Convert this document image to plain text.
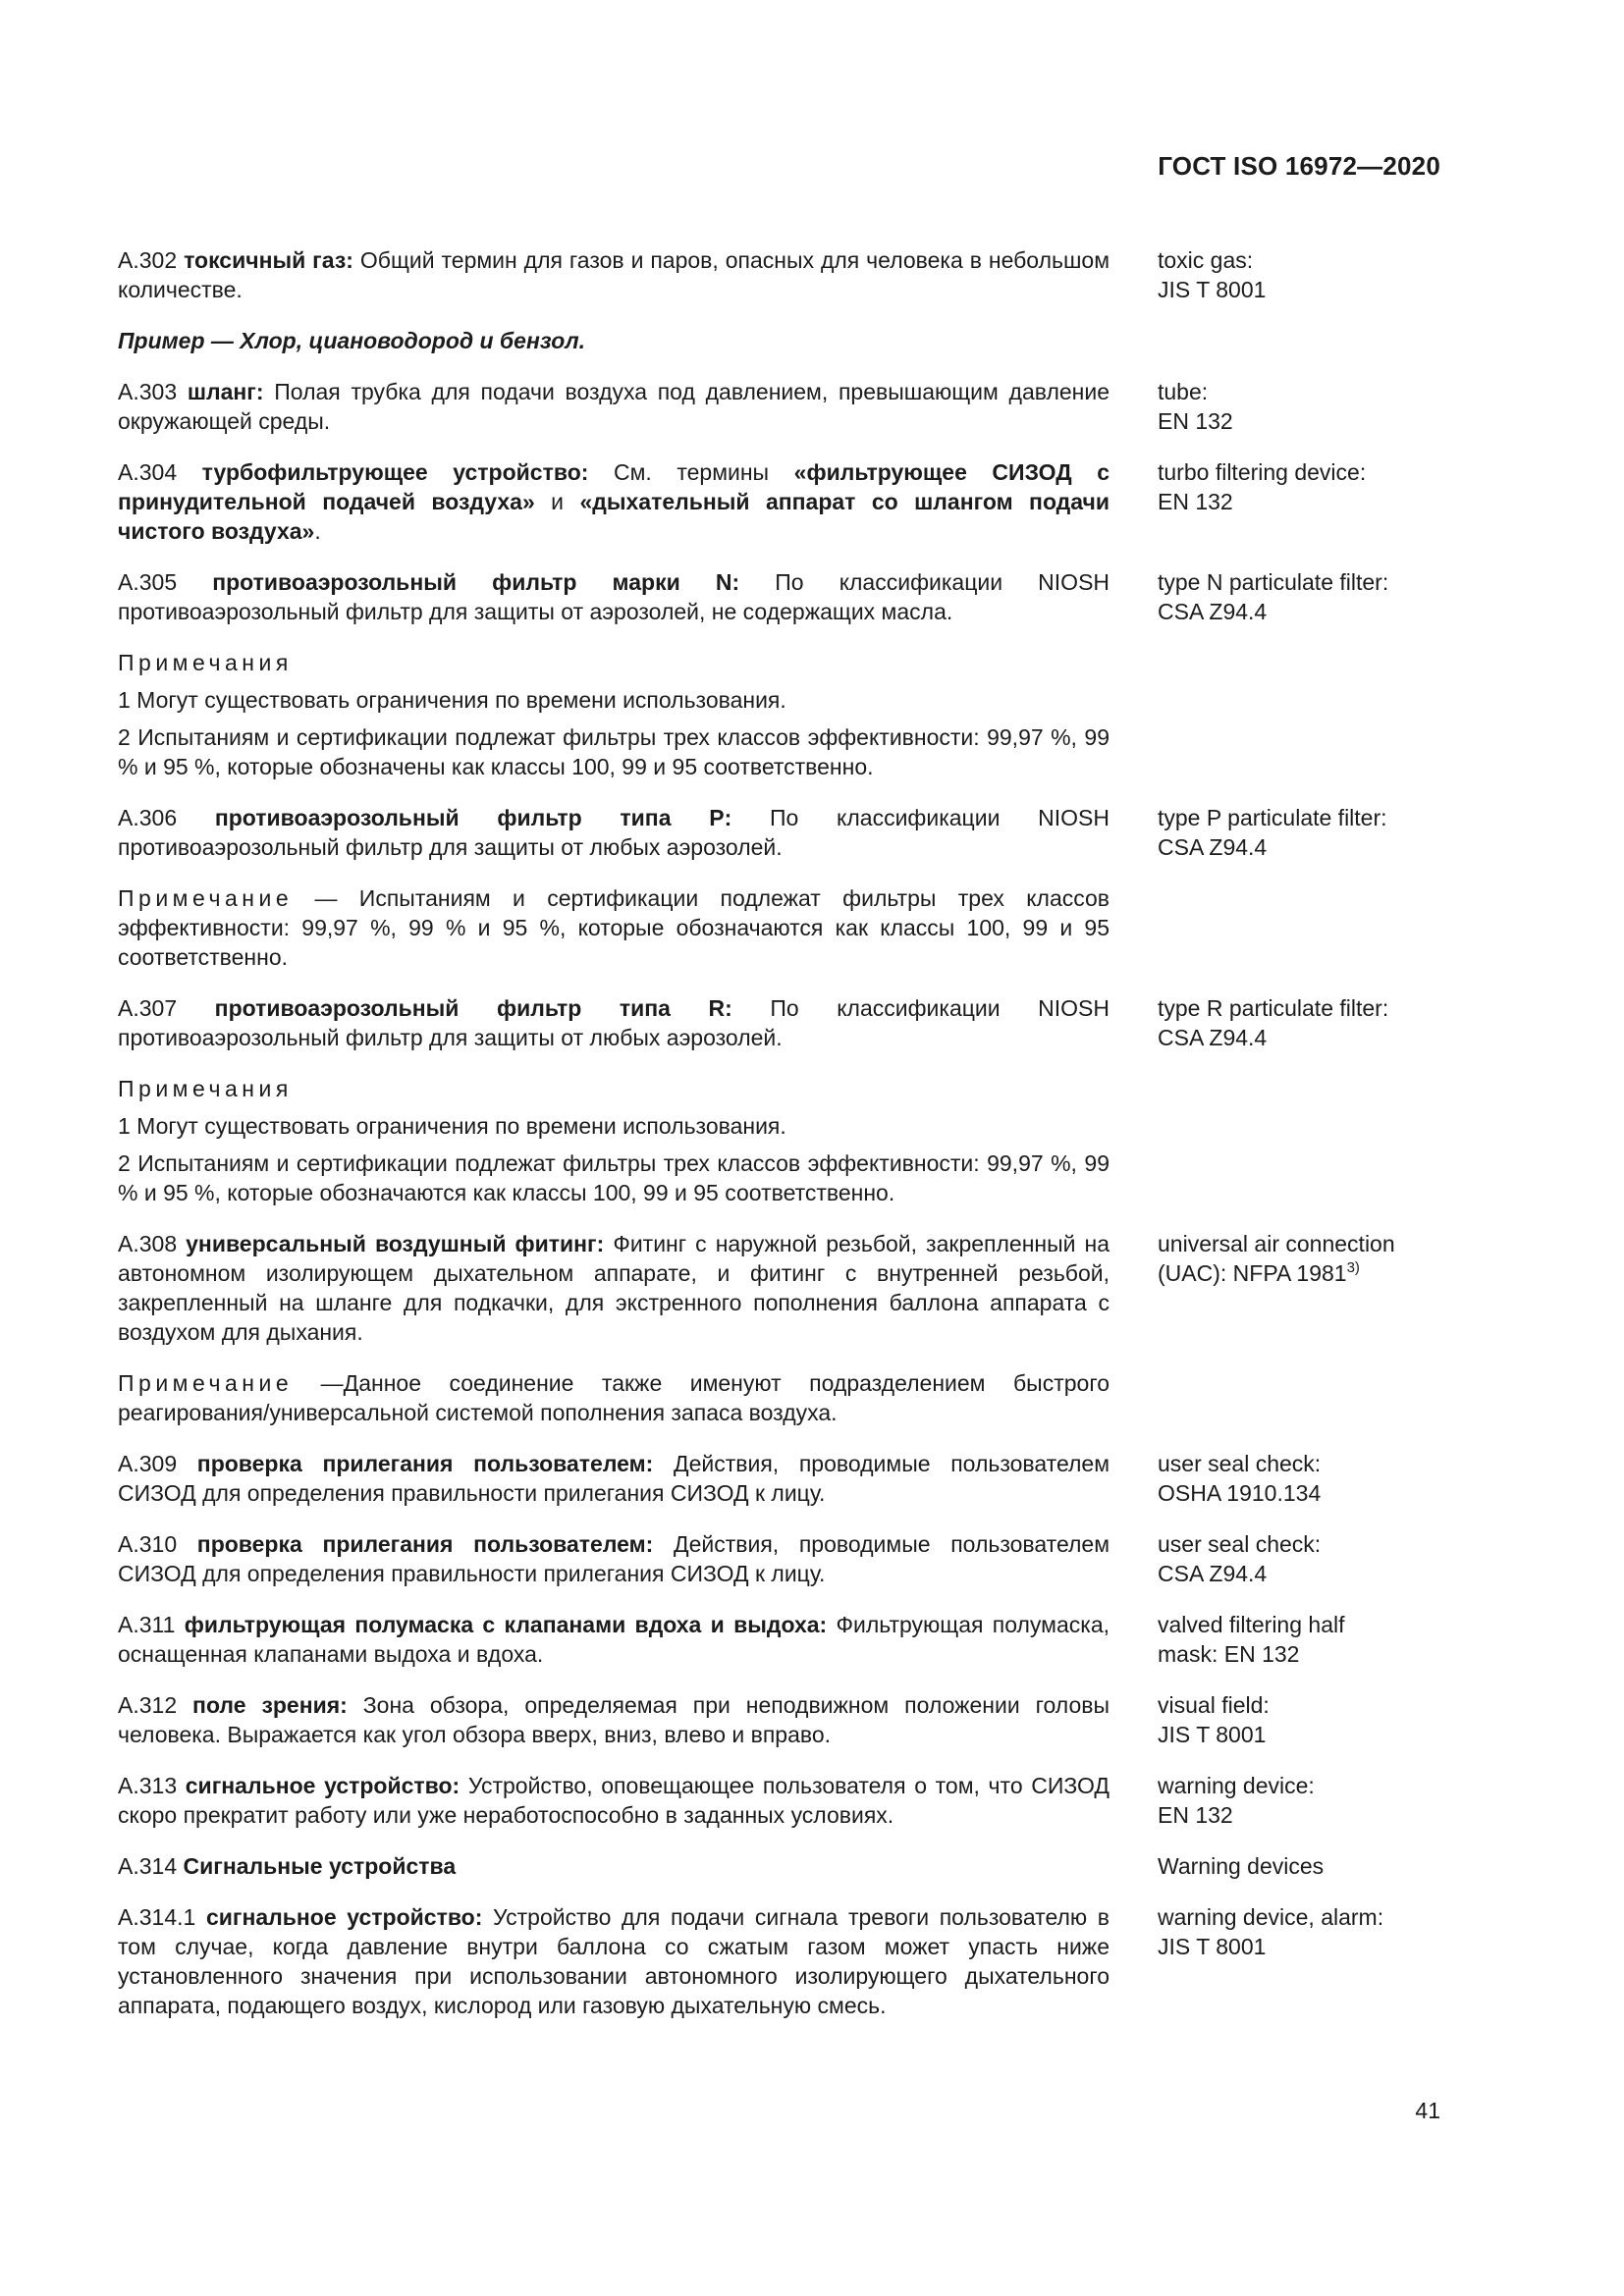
ГОСТ ISO 16972—2020
А.302 токсичный газ: Общий термин для газов и паров, опасных для человека в небольшом количестве.
toxic gas:
JIS T 8001
Пример — Хлор, циановодород и бензол.
А.303 шланг: Полая трубка для подачи воздуха под давлением, превышающим давление окружающей среды.
tube:
EN 132
А.304 турбофильтрующее устройство: См. термины «фильтрующее СИЗОД с принудительной подачей воздуха» и «дыхательный аппарат со шлангом подачи чистого воздуха».
turbo filtering device:
EN 132
А.305 противоаэрозольный фильтр марки N: По классификации NIOSH противоаэрозольный фильтр для защиты от аэрозолей, не содержащих масла.
type N particulate filter:
CSA Z94.4
Примечания
1 Могут существовать ограничения по времени использования.
2 Испытаниям и сертификации подлежат фильтры трех классов эффективности: 99,97 %, 99 % и 95 %, которые обозначены как классы 100, 99 и 95 соответственно.
А.306 противоаэрозольный фильтр типа P: По классификации NIOSH противоаэрозольный фильтр для защиты от любых аэрозолей.
type P particulate filter:
CSA Z94.4
Примечание — Испытаниям и сертификации подлежат фильтры трех классов эффективности: 99,97 %, 99 % и 95 %, которые обозначаются как классы 100, 99 и 95 соответственно.
А.307 противоаэрозольный фильтр типа R: По классификации NIOSH противоаэрозольный фильтр для защиты от любых аэрозолей.
type R particulate filter:
CSA Z94.4
Примечания
1 Могут существовать ограничения по времени использования.
2 Испытаниям и сертификации подлежат фильтры трех классов эффективности: 99,97 %, 99 % и 95 %, которые обозначаются как классы 100, 99 и 95 соответственно.
А.308 универсальный воздушный фитинг: Фитинг с наружной резьбой, закрепленный на автономном изолирующем дыхательном аппарате, и фитинг с внутренней резьбой, закрепленный на шланге для подкачки, для экстренного пополнения баллона аппарата с воздухом для дыхания.
universal air connection
(UAC): NFPA 1981$^{3)}$
Примечание —Данное соединение также именуют подразделением быстрого реагирования/универсальной системой пополнения запаса воздуха.
А.309 проверка прилегания пользователем: Действия, проводимые пользователем СИЗОД для определения правильности прилегания СИЗОД к лицу.
user seal check:
OSHA 1910.134
А.310 проверка прилегания пользователем: Действия, проводимые пользователем СИЗОД для определения правильности прилегания СИЗОД к лицу.
user seal check:
CSA Z94.4
А.311 фильтрующая полумаска с клапанами вдоха и выдоха: Фильтрующая полумаска, оснащенная клапанами выдоха и вдоха.
valved filtering half
mask: EN 132
А.312 поле зрения: Зона обзора, определяемая при неподвижном положении головы человека. Выражается как угол обзора вверх, вниз, влево и вправо.
visual field:
JIS T 8001
А.313 сигнальное устройство: Устройство, оповещающее пользователя о том, что СИЗОД скоро прекратит работу или уже неработоспособно в заданных условиях.
warning device:
EN 132
А.314 Сигнальные устройства	Warning devices
А.314.1 сигнальное устройство: Устройство для подачи сигнала тревоги пользователю в том случае, когда давление внутри баллона со сжатым газом может упасть ниже установленного значения при использовании автономного изолирующего дыхательного аппарата, подающего воздух, кислород или газовую дыхательную смесь.
warning device, alarm:
JIS T 8001
41
